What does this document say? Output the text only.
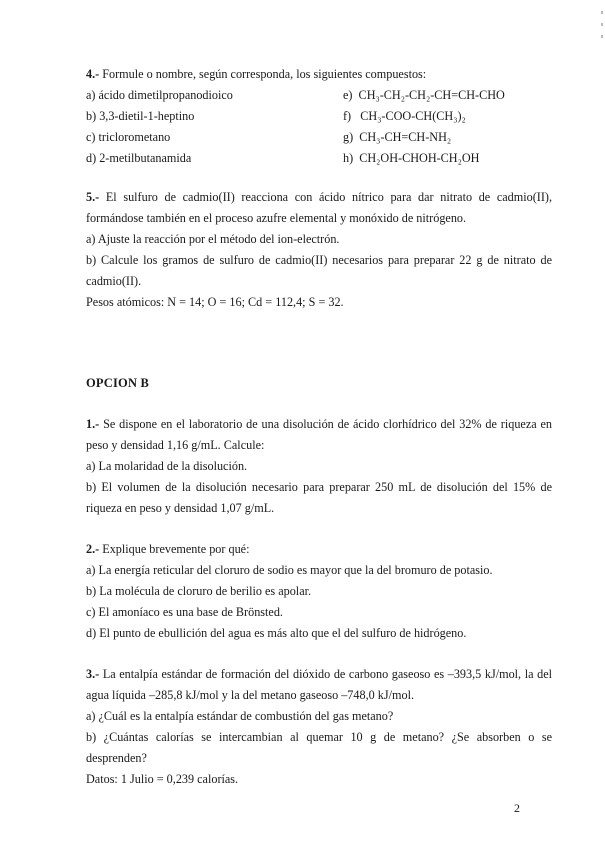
4.- Formule o nombre, según corresponda, los siguientes compuestos:
a) ácido dimetilpropanodioico
b) 3,3-dietil-1-heptino
c) triclorometano
d) 2-metilbutanamida
e)  CH₃-CH₂-CH₂-CH=CH-CHO
f)   CH₃-COO-CH(CH₃)₂
g)  CH₃-CH=CH-NH₂
h)  CH₂OH-CHOH-CH₂OH
5.- El sulfuro de cadmio(II) reacciona con ácido nítrico para dar nitrato de cadmio(II),
formándose también en el proceso azufre elemental y monóxido de nitrógeno.
a) Ajuste la reacción por el método del ion-electrón.
b) Calcule los gramos de sulfuro de cadmio(II) necesarios para preparar 22 g de nitrato de
cadmio(II).
Pesos atómicos: N = 14; O = 16; Cd = 112,4; S = 32.
OPCION B
1.- Se dispone en el laboratorio de una disolución de ácido clorhídrico del 32% de riqueza en
peso y densidad 1,16 g/mL. Calcule:
a) La molaridad de la disolución.
b) El volumen de la disolución necesario para preparar 250 mL de disolución del 15% de
riqueza en peso y densidad 1,07 g/mL.
2.- Explique brevemente por qué:
a) La energía reticular del cloruro de sodio es mayor que la del bromuro de potasio.
b) La molécula de cloruro de berilio es apolar.
c) El amoníaco es una base de Brönsted.
d) El punto de ebullición del agua es más alto que el del sulfuro de hidrógeno.
3.- La entalpía estándar de formación del dióxido de carbono gaseoso es –393,5 kJ/mol, la del
agua líquida –285,8 kJ/mol y la del metano gaseoso –748,0 kJ/mol.
a) ¿Cuál es la entalpía estándar de combustión del gas metano?
b) ¿Cuántas calorías se intercambian al quemar 10 g de metano? ¿Se absorben o se
desprenden?
Datos: 1 Julio = 0,239 calorías.
2
